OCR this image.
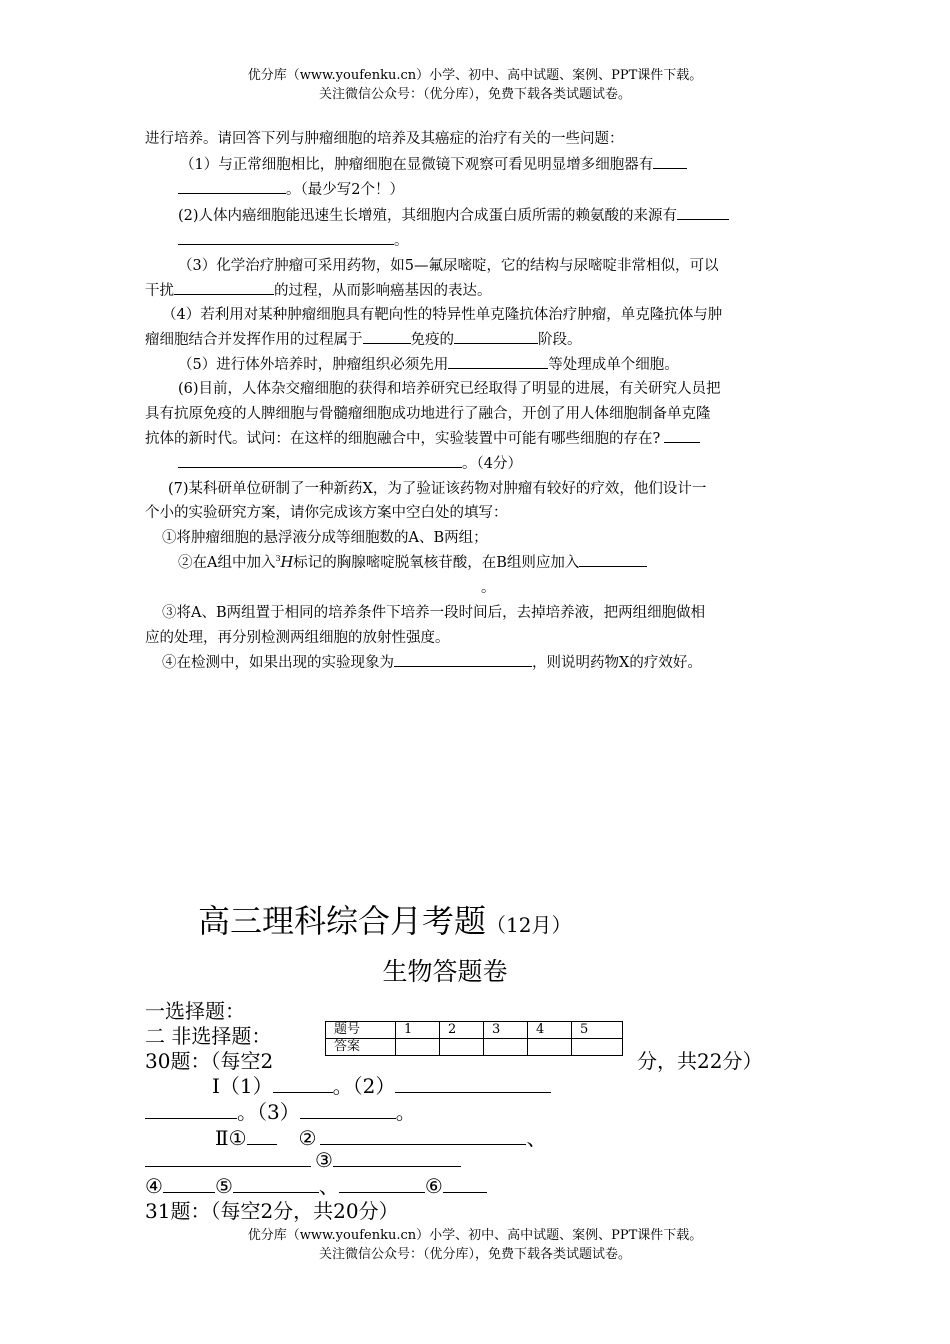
优分库（www.youfenku.cn）小学、初中、高中试题、案例、PPT课件下载。
关注微信公众号：（优分库），免费下载各类试题试卷。
进行培养。请回答下列与肿瘤细胞的培养及其癌症的治疗有关的一些问题：
（1）与正常细胞相比，肿瘤细胞在显微镜下观察可看见明显增多细胞器有
。（最少写2个！）
(2)人体内癌细胞能迅速生长增殖，其细胞内合成蛋白质所需的赖氨酸的来源有
。
（3）化学治疗肿瘤可采用药物，如5—氟尿嘧啶，它的结构与尿嘧啶非常相似，可以
干扰	的过程，从而影响癌基因的表达。
（4）若利用对某种肿瘤细胞具有靶向性的特异性单克隆抗体治疗肿瘤，单克隆抗体与肿
瘤细胞结合并发挥作用的过程属于	免疫的	阶段。
（5）进行体外培养时，肿瘤组织必须先用	等处理成单个细胞。
(6)目前，人体杂交瘤细胞的获得和培养研究已经取得了明显的进展，有关研究人员把
具有抗原免疫的人脾细胞与骨髓瘤细胞成功地进行了融合，开创了用人体细胞制备单克隆
抗体的新时代。试问：在这样的细胞融合中，实验装置中可能有哪些细胞的存在?
。（4分）
(7)某科研单位研制了一种新药X，为了验证该药物对肿瘤有较好的疗效，他们设计一
个小的实验研究方案，请你完成该方案中空白处的填写：
①将肿瘤细胞的悬浮液分成等细胞数的A、B两组；
②在A组中加入$^3$H标记的胸腺嘧啶脱氧核苷酸，在B组则应加入
。
③将A、B两组置于相同的培养条件下培养一段时间后，去掉培养液，把两组细胞做相
应的处理，再分别检测两组细胞的放射性强度。
④在检测中，如果出现的实验现象为	，则说明药物X的疗效好。
高三理科综合月考题（12月）
生物答题卷
一选择题：
二 非选择题：	题号	1	2	3	4	5
答案					
30题：（每空2	分，共22分）
Ⅰ（1）	。（2）
。（3）	。
Ⅱ①	②	、
③
④	⑤	、	⑥
31题：（每空2分，共20分）
优分库（www.youfenku.cn）小学、初中、高中试题、案例、PPT课件下载。
关注微信公众号：（优分库），免费下载各类试题试卷。
